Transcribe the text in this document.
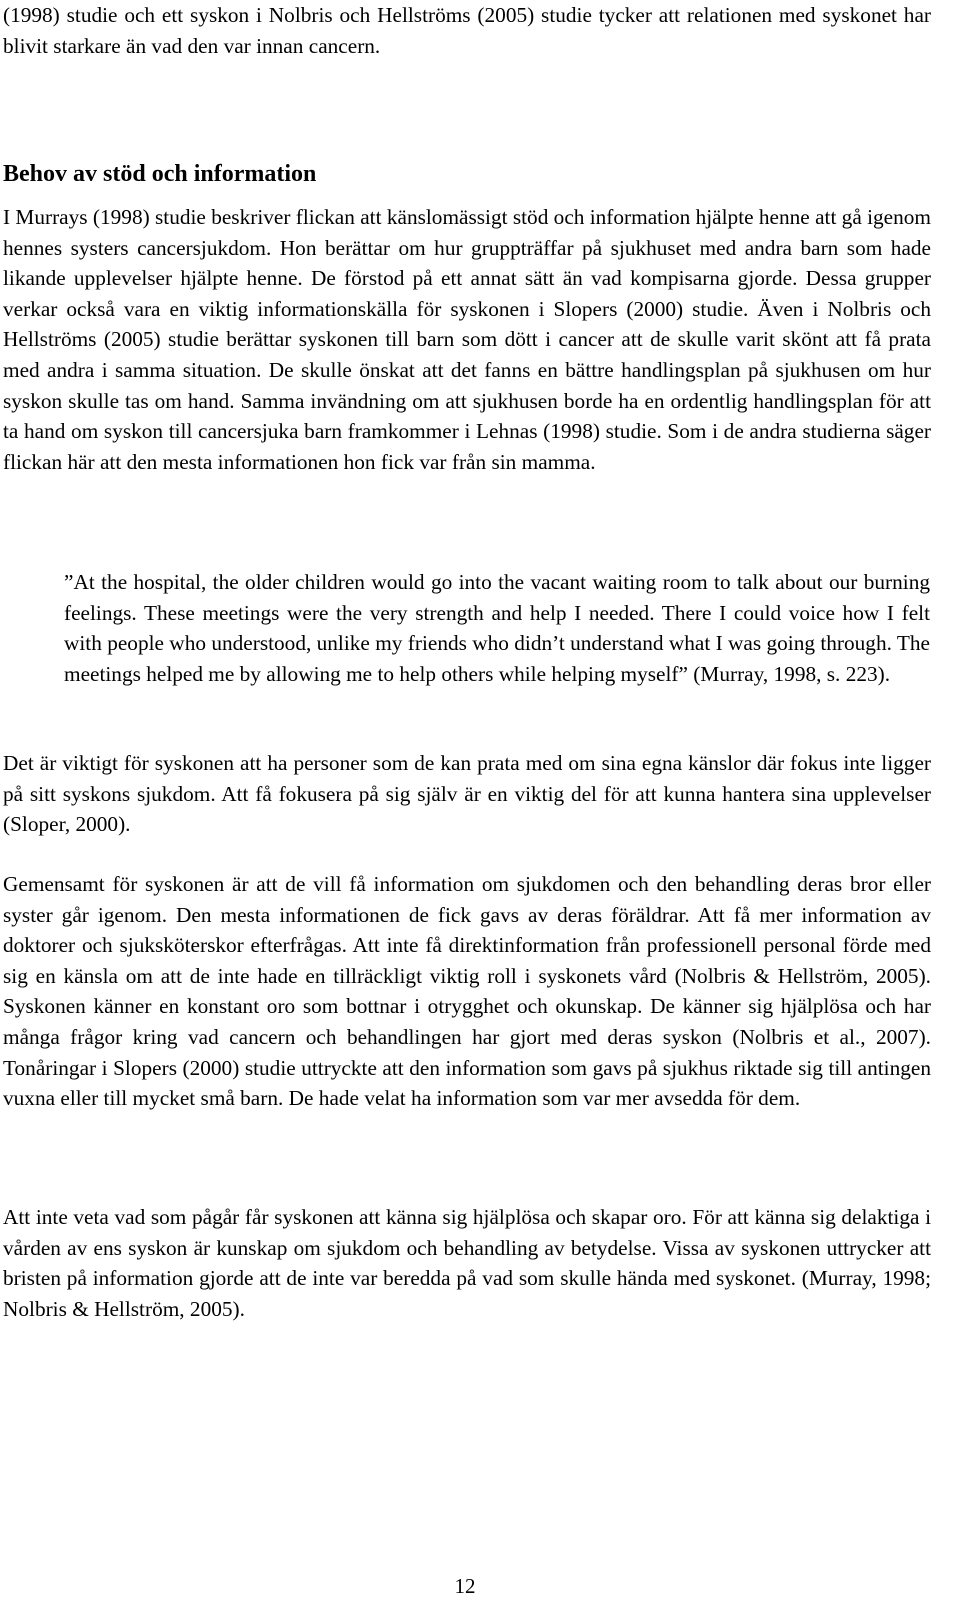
(1998) studie och ett syskon i Nolbris och Hellströms (2005) studie tycker att relationen med syskonet har blivit starkare än vad den var innan cancern.

Behov av stöd och information

I Murrays (1998) studie beskriver flickan att känslomässigt stöd och information hjälpte henne att gå igenom hennes systers cancersjukdom. Hon berättar om hur gruppträffar på sjukhuset med andra barn som hade likande upplevelser hjälpte henne. De förstod på ett annat sätt än vad kompisarna gjorde. Dessa grupper verkar också vara en viktig informationskälla för syskonen i Slopers (2000) studie. Även i Nolbris och Hellströms (2005) studie berättar syskonen till barn som dött i cancer att de skulle varit skönt att få prata med andra i samma situation. De skulle önskat att det fanns en bättre handlingsplan på sjukhusen om hur syskon skulle tas om hand. Samma invändning om att sjukhusen borde ha en ordentlig handlingsplan för att ta hand om syskon till cancersjuka barn framkommer i Lehnas (1998) studie. Som i de andra studierna säger flickan här att den mesta informationen hon fick var från sin mamma.

”At the hospital, the older children would go into the vacant waiting room to talk about our burning feelings. These meetings were the very strength and help I needed. There I could voice how I felt with people who understood, unlike my friends who didn’t understand what I was going through. The meetings helped me by allowing me to help others while helping myself” (Murray, 1998, s. 223).

Det är viktigt för syskonen att ha personer som de kan prata med om sina egna känslor där fokus inte ligger på sitt syskons sjukdom. Att få fokusera på sig själv är en viktig del för att kunna hantera sina upplevelser (Sloper, 2000).

Gemensamt för syskonen är att de vill få information om sjukdomen och den behandling deras bror eller syster går igenom. Den mesta informationen de fick gavs av deras föräldrar. Att få mer information av doktorer och sjuksköterskor efterfrågas. Att inte få direktinformation från professionell personal förde med sig en känsla om att de inte hade en tillräckligt viktig roll i syskonets vård (Nolbris & Hellström, 2005). Syskonen känner en konstant oro som bottnar i otrygghet och okunskap. De känner sig hjälplösa och har många frågor kring vad cancern och behandlingen har gjort med deras syskon (Nolbris et al., 2007). Tonåringar i Slopers (2000) studie uttryckte att den information som gavs på sjukhus riktade sig till antingen vuxna eller till mycket små barn. De hade velat ha information som var mer avsedda för dem.

Att inte veta vad som pågår får syskonen att känna sig hjälplösa och skapar oro. För att känna sig delaktiga i vården av ens syskon är kunskap om sjukdom och behandling av betydelse. Vissa av syskonen uttrycker att bristen på information gjorde att de inte var beredda på vad som skulle hända med syskonet. (Murray, 1998; Nolbris & Hellström, 2005).

12
